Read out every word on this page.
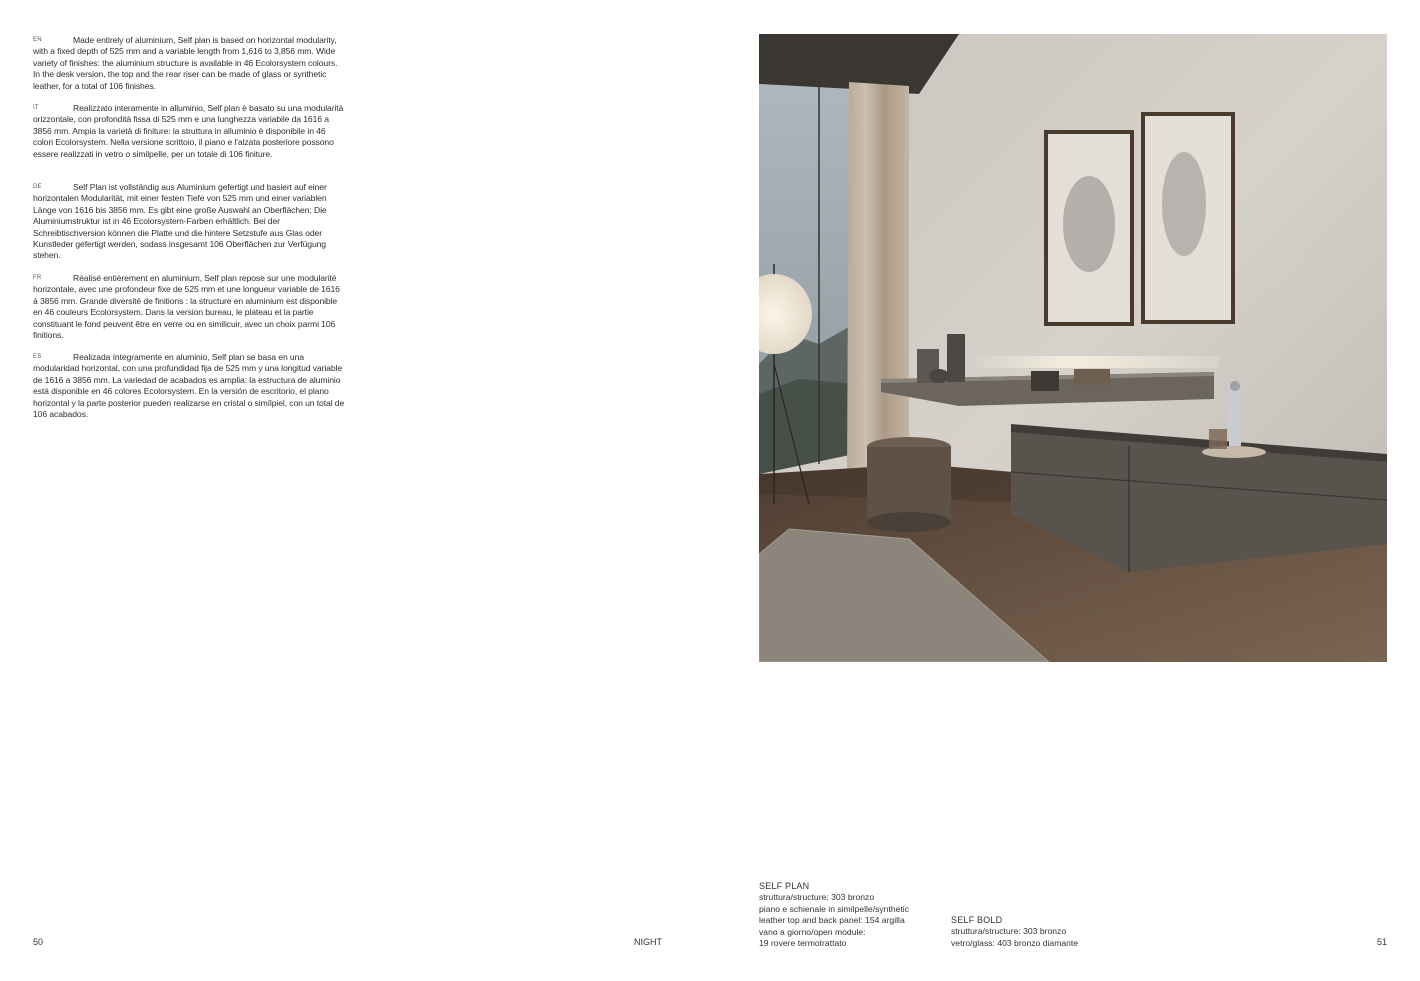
EN	Made entirely of aluminium, Self plan is based on horizontal modularity, with a fixed depth of 525 mm and a variable length from 1,616 to 3,856 mm. Wide variety of finishes: the aluminium structure is available in 46 Ecolorsystem colours. In the desk version, the top and the rear riser can be made of glass or synthetic leather, for a total of 106 finishes.

IT	Realizzato interamente in alluminio, Self plan è basato su una modularità orizzontale, con profondità fissa di 525 mm e una lunghezza variabile da 1616 a 3856 mm. Ampia la varietà di finiture: la struttura in alluminio è disponibile in 46 colori Ecolorsystem. Nella versione scrittoio, il piano e l'alzata posteriore possono essere realizzati in vetro o similpelle, per un totale di 106 finiture.

DE	Self Plan ist vollständig aus Aluminium gefertigt und basiert auf einer horizontalen Modularität, mit einer festen Tiefe von 525 mm und einer variablen Länge von 1616 bis 3856 mm. Es gibt eine große Auswahl an Oberflächen: Die Aluminiumstruktur ist in 46 Ecolorsystem-Farben erhältlich. Bei der Schreibtischversion können die Platte und die hintere Setzstufe aus Glas oder Kunstleder gefertigt werden, sodass insgesamt 106 Oberflächen zur Verfügung stehen.

FR	Réalisé entièrement en aluminium, Self plan repose sur une modularité horizontale, avec une profondeur fixe de 525 mm et une longueur variable de 1616 à 3856 mm. Grande diversité de finitions : la structure en aluminium est disponible en 46 couleurs Ecolorsystem. Dans la version bureau, le plateau et la partie constituant le fond peuvent être en verre ou en similicuir, avec un choix parmi 106 finitions.

ES	Realizada íntegramente en aluminio, Self plan se basa en una modularidad horizontal, con una profundidad fija de 525 mm y una longitud variable de 1616 a 3856 mm. La variedad de acabados es amplia: la estructura de aluminio está disponible en 46 colores Ecolorsystem. En la versión de escritorio, el plano horizontal y la parte posterior pueden realizarse en cristal o simílpiel, con un total de 106 acabados.

SELF PLAN

struttura/structure: 303 bronzo

piano e schienale in similpelle/synthetic

leather top and back panel: 154 argilla

vano a giorno/open module:

19 rovere termotrattato

SELF BOLD

struttura/structure: 303 bronzo

vetro/glass: 403 bronzo diamante

50	NIGHT	51
